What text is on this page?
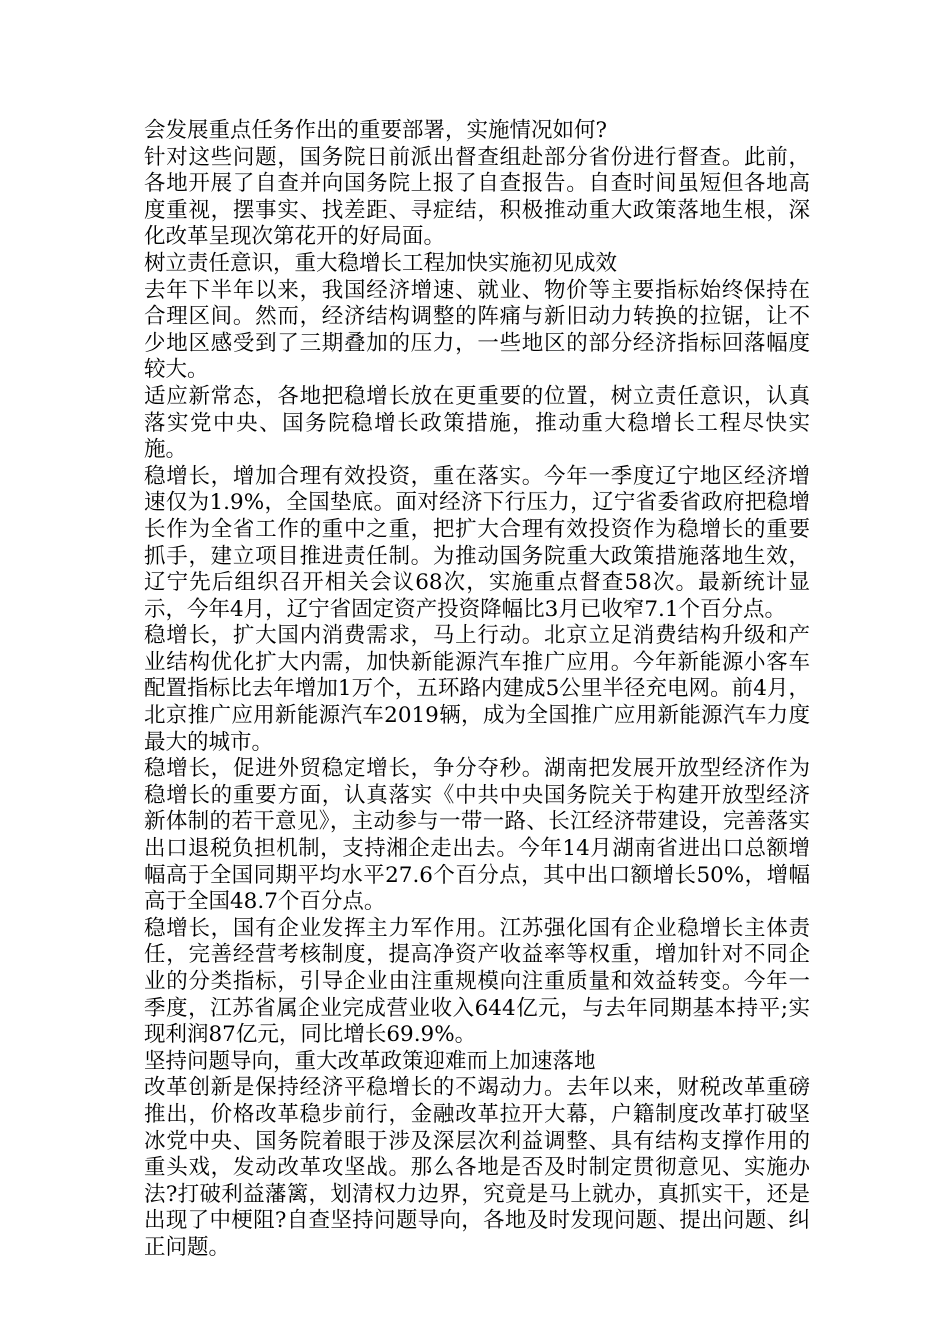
会发展重点任务作出的重要部署，实施情况如何?

针对这些问题，国务院日前派出督查组赴部分省份进行督查。此前，各地开展了自查并向国务院上报了自查报告。自查时间虽短但各地高度重视，摆事实、找差距、寻症结，积极推动重大政策落地生根，深化改革呈现次第花开的好局面。

树立责任意识，重大稳增长工程加快实施初见成效

去年下半年以来，我国经济增速、就业、物价等主要指标始终保持在合理区间。然而，经济结构调整的阵痛与新旧动力转换的拉锯，让不少地区感受到了三期叠加的压力，一些地区的部分经济指标回落幅度较大。

适应新常态，各地把稳增长放在更重要的位置，树立责任意识，认真落实党中央、国务院稳增长政策措施，推动重大稳增长工程尽快实施。

稳增长，增加合理有效投资，重在落实。今年一季度辽宁地区经济增速仅为1.9%，全国垫底。面对经济下行压力，辽宁省委省政府把稳增长作为全省工作的重中之重，把扩大合理有效投资作为稳增长的重要抓手，建立项目推进责任制。为推动国务院重大政策措施落地生效，辽宁先后组织召开相关会议68次，实施重点督查58次。最新统计显示，今年4月，辽宁省固定资产投资降幅比3月已收窄7.1个百分点。

稳增长，扩大国内消费需求，马上行动。北京立足消费结构升级和产业结构优化扩大内需，加快新能源汽车推广应用。今年新能源小客车配置指标比去年增加1万个，五环路内建成5公里半径充电网。前4月，北京推广应用新能源汽车2019辆，成为全国推广应用新能源汽车力度最大的城市。

稳增长，促进外贸稳定增长，争分夺秒。湖南把发展开放型经济作为稳增长的重要方面，认真落实《中共中央国务院关于构建开放型经济新体制的若干意见》，主动参与一带一路、长江经济带建设，完善落实出口退税负担机制，支持湘企走出去。今年14月湖南省进出口总额增幅高于全国同期平均水平27.6个百分点，其中出口额增长50%，增幅高于全国48.7个百分点。

稳增长，国有企业发挥主力军作用。江苏强化国有企业稳增长主体责任，完善经营考核制度，提高净资产收益率等权重，增加针对不同企业的分类指标，引导企业由注重规模向注重质量和效益转变。今年一季度，江苏省属企业完成营业收入644亿元，与去年同期基本持平;实现利润87亿元，同比增长69.9%。

坚持问题导向，重大改革政策迎难而上加速落地

改革创新是保持经济平稳增长的不竭动力。去年以来，财税改革重磅推出，价格改革稳步前行，金融改革拉开大幕，户籍制度改革打破坚冰党中央、国务院着眼于涉及深层次利益调整、具有结构支撑作用的重头戏，发动改革攻坚战。那么各地是否及时制定贯彻意见、实施办法?打破利益藩篱，划清权力边界，究竟是马上就办，真抓实干，还是出现了中梗阻?自查坚持问题导向，各地及时发现问题、提出问题、纠正问题。
